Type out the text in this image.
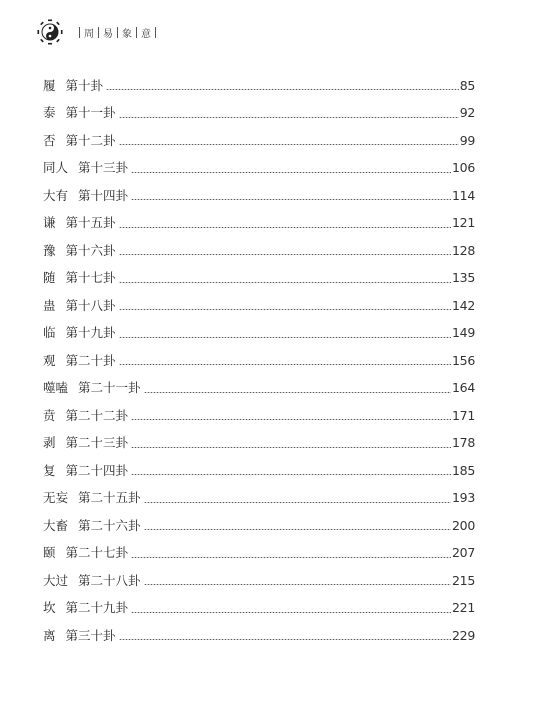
周 易 象 意
履 第十卦	85
泰 第十一卦	92
否 第十二卦	99
同人 第十三卦	106
大有 第十四卦	114
谦 第十五卦	121
豫 第十六卦	128
随 第十七卦	135
蛊 第十八卦	142
临 第十九卦	149
观 第二十卦	156
噬嗑 第二十一卦	164
贲 第二十二卦	171
剥 第二十三卦	178
复 第二十四卦	185
无妄 第二十五卦	193
大畜 第二十六卦	200
颐 第二十七卦	207
大过 第二十八卦	215
坎 第二十九卦	221
离 第三十卦	229
